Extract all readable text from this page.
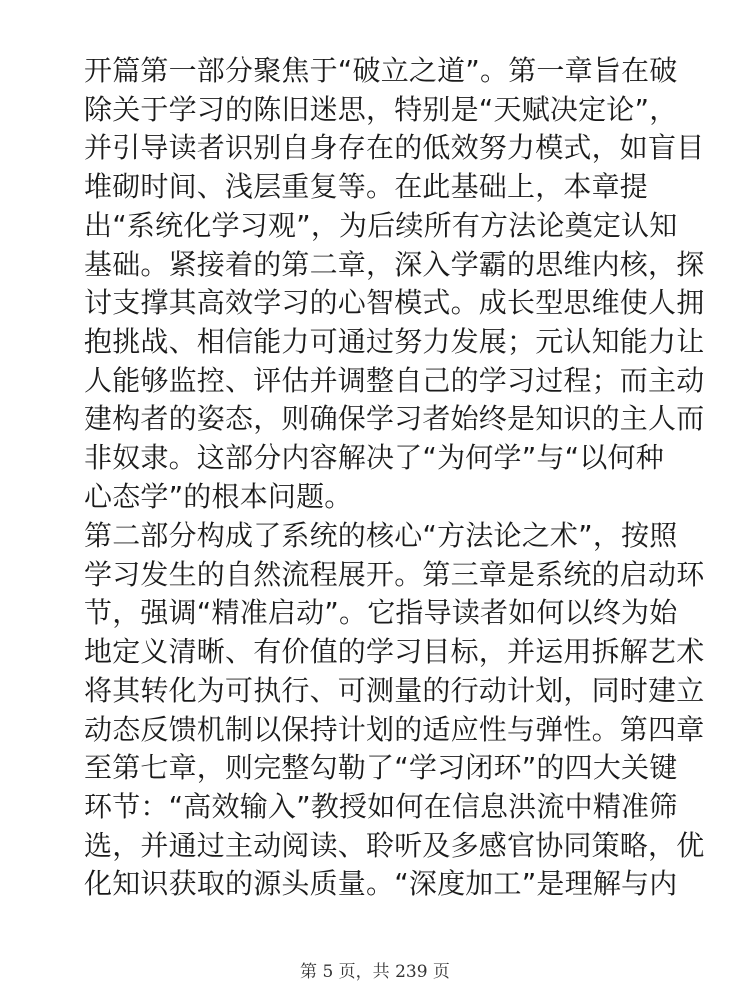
开篇第一部分聚焦于“破立之道”。第一章旨在破
除关于学习的陈旧迷思，特别是“天赋决定论”，
并引导读者识别自身存在的低效努力模式，如盲目
堆砌时间、浅层重复等。在此基础上，本章提
出“系统化学习观”，为后续所有方法论奠定认知
基础。紧接着的第二章，深入学霸的思维内核，探
讨支撑其高效学习的心智模式。成长型思维使人拥
抱挑战、相信能力可通过努力发展；元认知能力让
人能够监控、评估并调整自己的学习过程；而主动
建构者的姿态，则确保学习者始终是知识的主人而
非奴隶。这部分内容解决了“为何学”与“以何种
心态学”的根本问题。
第二部分构成了系统的核心“方法论之术”，按照
学习发生的自然流程展开。第三章是系统的启动环
节，强调“精准启动”。它指导读者如何以终为始
地定义清晰、有价值的学习目标，并运用拆解艺术
将其转化为可执行、可测量的行动计划，同时建立
动态反馈机制以保持计划的适应性与弹性。第四章
至第七章，则完整勾勒了“学习闭环”的四大关键
环节：“高效输入”教授如何在信息洪流中精准筛
选，并通过主动阅读、聆听及多感官协同策略，优
化知识获取的源头质量。“深度加工”是理解与内
第 5 页，共 239 页
